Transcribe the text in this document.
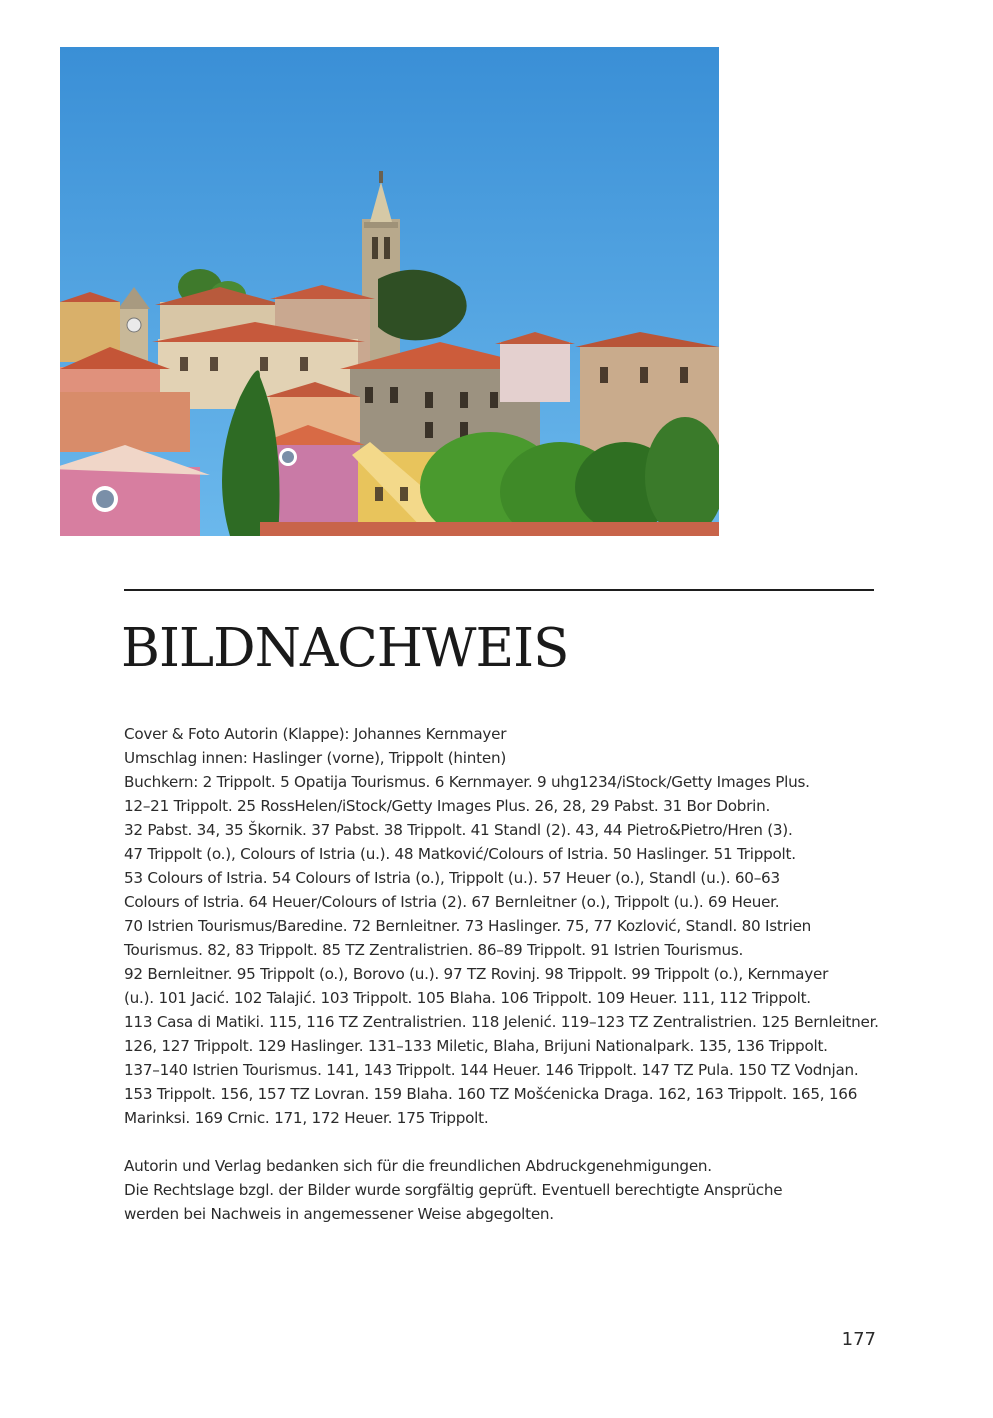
BILDNACHWEIS
Cover & Foto Autorin (Klappe): Johannes Kernmayer
Umschlag innen: Haslinger (vorne), Trippolt (hinten)
Buchkern: 2 Trippolt. 5 Opatija Tourismus. 6 Kernmayer. 9 uhg1234/iStock/Getty Images Plus.
12–21 Trippolt. 25 RossHelen/iStock/Getty Images Plus. 26, 28, 29 Pabst. 31 Bor Dobrin.
32 Pabst. 34, 35 Škornik. 37 Pabst. 38 Trippolt. 41 Standl (2). 43, 44 Pietro&Pietro/Hren (3).
47 Trippolt (o.), Colours of Istria (u.). 48 Matković/Colours of Istria. 50 Haslinger. 51 Trippolt.
53 Colours of Istria. 54 Colours of Istria (o.), Trippolt (u.). 57 Heuer (o.), Standl (u.). 60–63
Colours of Istria. 64 Heuer/Colours of Istria (2). 67 Bernleitner (o.), Trippolt (u.). 69 Heuer.
70 Istrien Tourismus/Baredine. 72 Bernleitner. 73 Haslinger. 75, 77 Kozlović, Standl. 80 Istrien
Tourismus. 82, 83 Trippolt. 85 TZ Zentralistrien. 86–89 Trippolt. 91 Istrien Tourismus.
92 Bernleitner. 95 Trippolt (o.), Borovo (u.). 97 TZ Rovinj. 98 Trippolt. 99 Trippolt (o.), Kernmayer
(u.). 101 Jacić. 102 Talajić. 103 Trippolt. 105 Blaha. 106 Trippolt. 109 Heuer. 111, 112 Trippolt.
113 Casa di Matiki. 115, 116 TZ Zentralistrien. 118 Jelenić. 119–123 TZ Zentralistrien. 125 Bernleitner.
126, 127 Trippolt. 129 Haslinger. 131–133 Miletic, Blaha, Brijuni Nationalpark. 135, 136 Trippolt.
137–140 Istrien Tourismus. 141, 143 Trippolt. 144 Heuer. 146 Trippolt. 147 TZ Pula. 150 TZ Vodnjan.
153 Trippolt. 156, 157 TZ Lovran. 159 Blaha. 160 TZ Mošćenicka Draga. 162, 163 Trippolt. 165, 166
Marinksi. 169 Crnic. 171, 172 Heuer. 175 Trippolt.
Autorin und Verlag bedanken sich für die freundlichen Abdruckgenehmigungen.
Die Rechtslage bzgl. der Bilder wurde sorgfältig geprüft. Eventuell berechtigte Ansprüche
werden bei Nachweis in angemessener Weise abgegolten.
177
